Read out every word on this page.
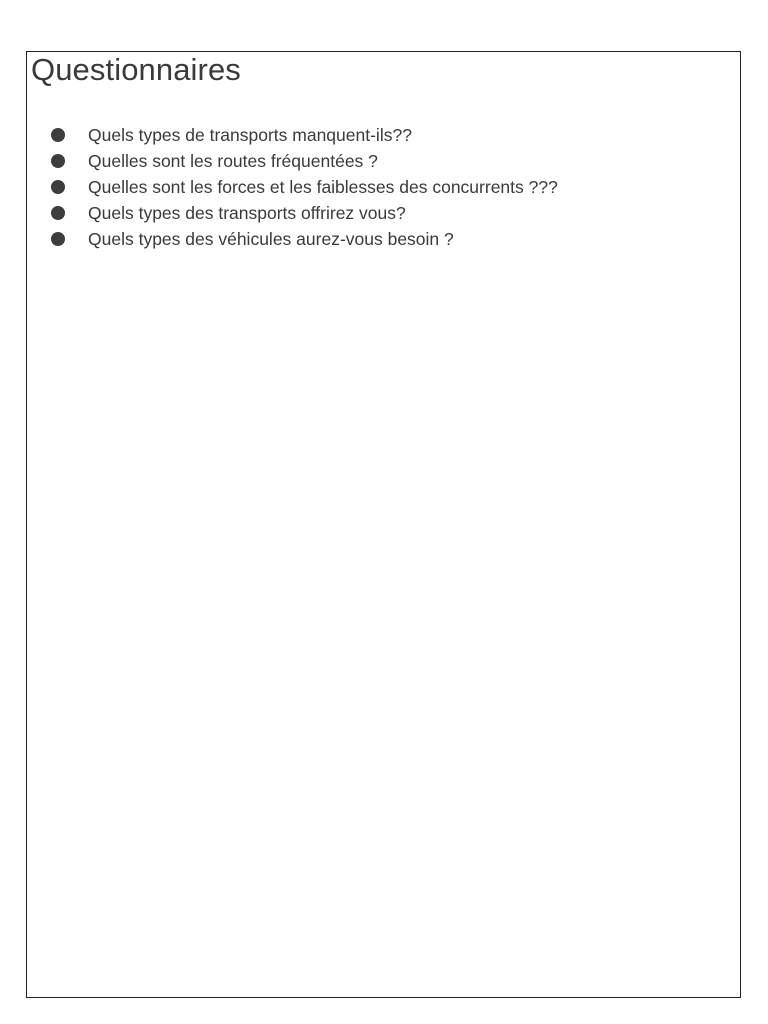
Questionnaires
Quels types de transports manquent-ils??
Quelles sont les routes fréquentées ?
Quelles sont les forces et les faiblesses des concurrents ???
Quels types des transports offrirez vous?
Quels types des véhicules aurez-vous besoin ?
